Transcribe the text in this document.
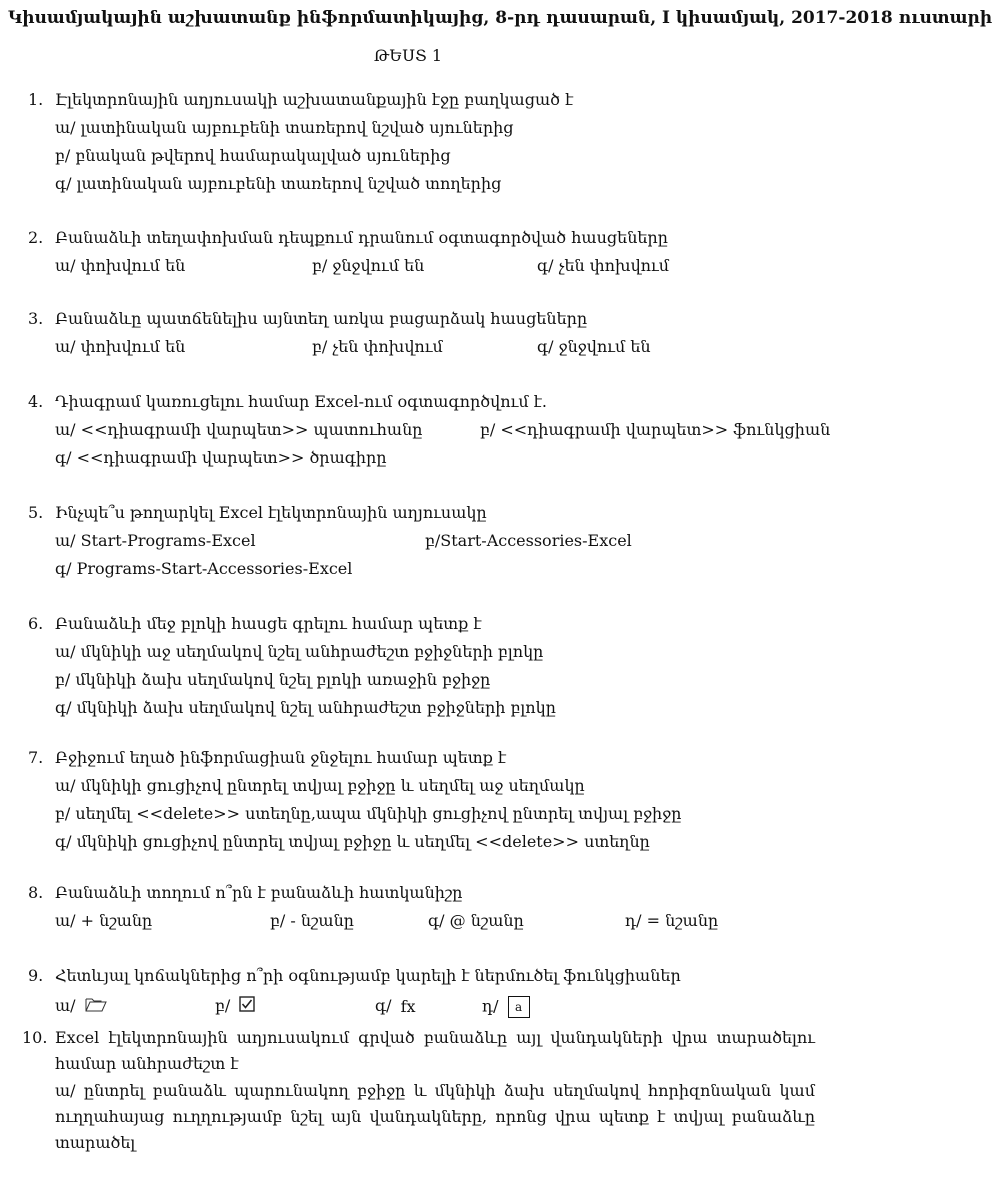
Կիսամյակային աշխատանք ինֆորմատիկայից, 8-րդ դասարան, I կիսամյակ, 2017-2018 ուստարի
ԹԵՍՏ 1
1. Էլեկտրոնային աղյուսակի աշխատանքային էջը բաղկացած է
ա/ լատինական այբուբենի տառերով նշված սյուներից
բ/ բնական թվերով համարակալված սյուներից
գ/ լատինական այբուբենի տառերով նշված տողերից
2. Բանաձևի տեղափոխման դեպքում դրանում օգտագործված հասցեները
ա/ փոխվում են	բ/ ջնջվում են	գ/ չեն փոխվում
3. Բանաձևը պատճենելիս այնտեղ առկա բացարձակ հասցեները
ա/ փոխվում են	բ/ չեն փոխվում	գ/ ջնջվում են
4. Դիագրամ կառուցելու համար Excel-ում օգտագործվում է.
ա/ <<դիագրամի վարպետ>> պատուհանը	բ/ <<դիագրամի վարպետ>> ֆունկցիան
գ/ <<դիագրամի վարպետ>> ծրագիրը
5. Ինչպե՞ս թողարկել Excel էլեկտրոնային աղյուսակը
ա/ Start-Programs-Excel	բ/Start-Accessories-Excel
գ/ Programs-Start-Accessories-Excel
6. Բանաձևի մեջ բլոկի հասցե գրելու համար պետք է
ա/ մկնիկի աջ սեղմակով նշել անհրաժեշտ բջիջների բլոկը
բ/ մկնիկի ձախ սեղմակով նշել բլոկի առաջին բջիջը
գ/ մկնիկի ձախ սեղմակով նշել անհրաժեշտ բջիջների բլոկը
7. Բջիջում եղած ինֆորմացիան ջնջելու համար պետք է
ա/ մկնիկի ցուցիչով ընտրել տվյալ բջիջը և սեղմել աջ սեղմակը
բ/ սեղմել <<delete>> ստեղնը,ապա մկնիկի ցուցիչով ընտրել տվյալ բջիջը
գ/ մկնիկի ցուցիչով ընտրել տվյալ բջիջը և սեղմել <<delete>> ստեղնը
8. Բանաձևի տողում ո՞րն է բանաձևի հատկանիշը
ա/ + նշանը	բ/ - նշանը	գ/ @ նշանը	դ/ = նշանը
9. Հետևյալ կոճակներից ո՞րի օգնությամբ կարելի է ներմուծել ֆունկցիաներ
ա/	բ/	գ/ fx	դ/ a
10. Excel էլեկտրոնային աղյուսակում գրված բանաձևը այլ վանդակների վրա տարածելու համար անհրաժեշտ է
ա/ ընտրել բանաձև պարունակող բջիջը և մկնիկի ձախ սեղմակով հորիզոնական կամ ուղղահայաց ուղղությամբ նշել այն վանդակները, որոնց վրա պետք է տվյալ բանաձևը տարածել
